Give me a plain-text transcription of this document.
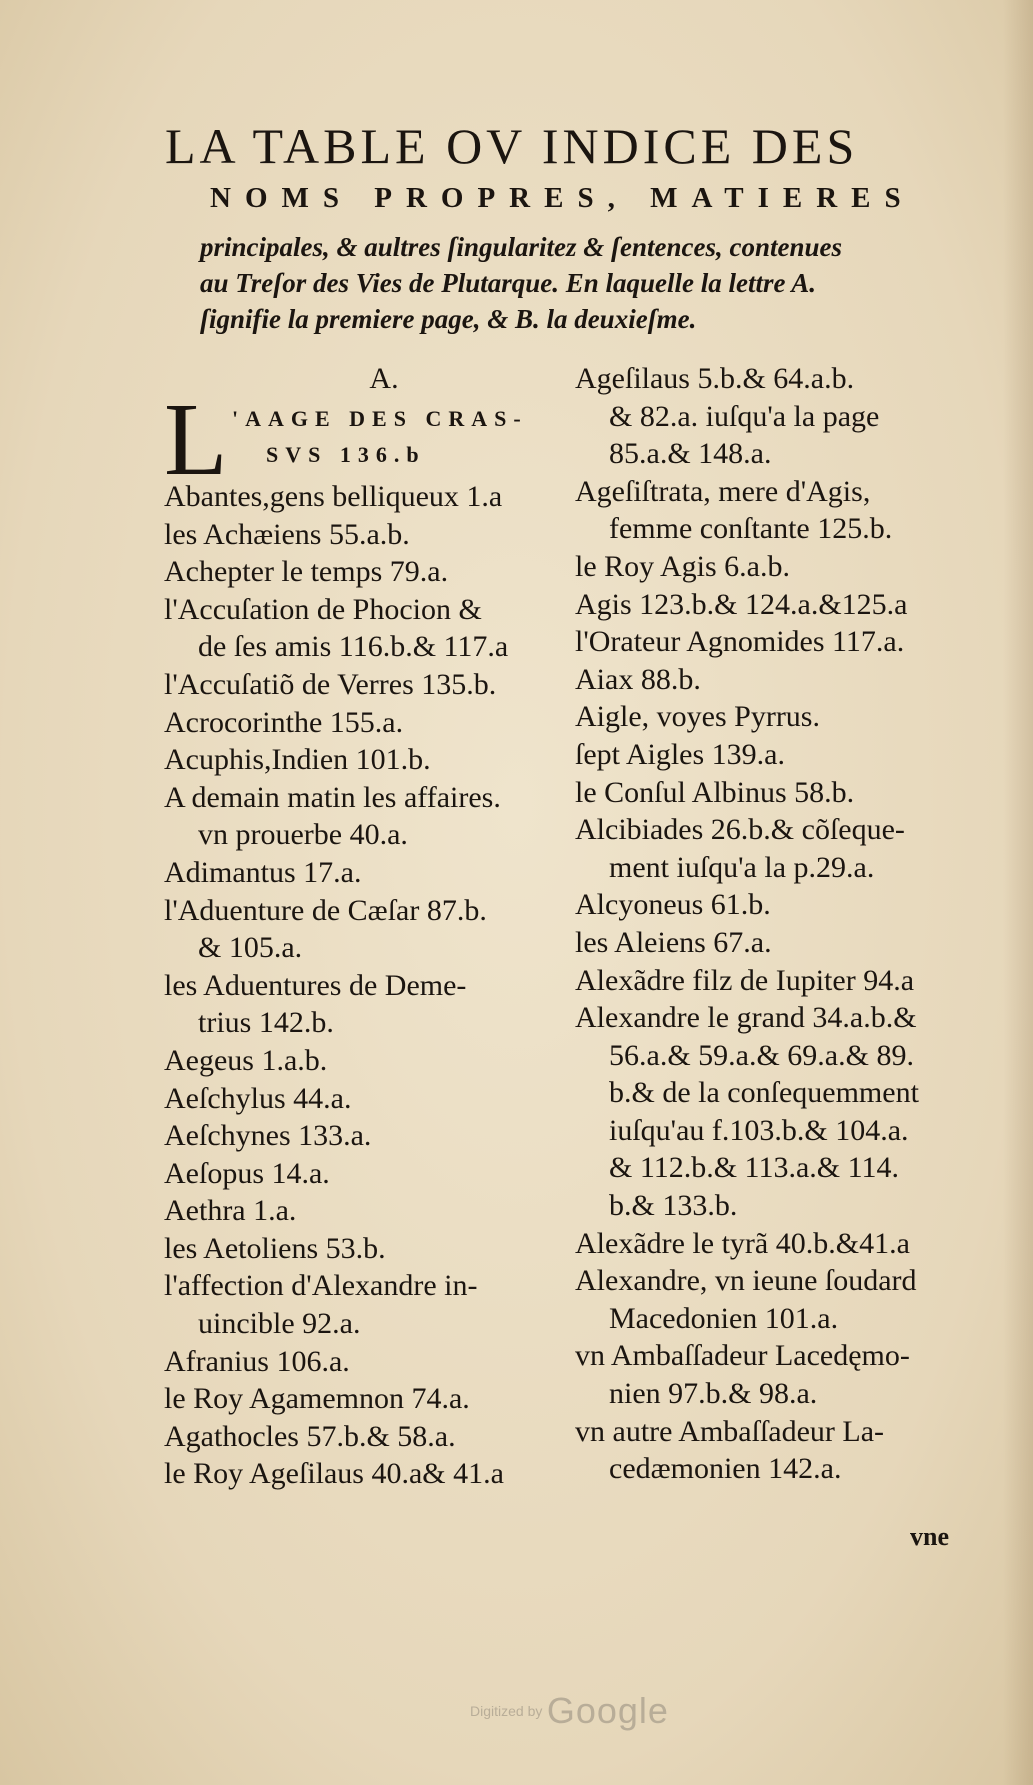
LA TABLE OV INDICE DES
NOMS PROPRES, MATIERES
principales, & aultres ſingularitez & ſentences, contenues
au Treſor des Vies de Plutarque. En laquelle la lettre A.
ſignifie la premiere page, & B. la deuxieſme.
A.
L 'AAGE DES CRAS-
SVS 136.b
Abantes,gens belliqueux 1.a
les Achæiens 55.a.b.
Achepter le temps 79.a.
l'Accuſation de Phocion &
de ſes amis 116.b.& 117.a
l'Accuſatiõ de Verres 135.b.
Acrocorinthe 155.a.
Acuphis,Indien 101.b.
A demain matin les affaires.
vn prouerbe 40.a.
Adimantus 17.a.
l'Aduenture de Cæſar 87.b.
& 105.a.
les Aduentures de Deme-
trius 142.b.
Aegeus 1.a.b.
Aeſchylus 44.a.
Aeſchynes 133.a.
Aeſopus 14.a.
Aethra 1.a.
les Aetoliens 53.b.
l'affection d'Alexandre in-
uincible 92.a.
Afranius 106.a.
le Roy Agamemnon 74.a.
Agathocles 57.b.& 58.a.
le Roy Ageſilaus 40.a& 41.a
Ageſilaus 5.b.& 64.a.b.
& 82.a. iuſqu'a la page
85.a.& 148.a.
Ageſiſtrata, mere d'Agis,
femme conſtante 125.b.
le Roy Agis 6.a.b.
Agis 123.b.& 124.a.&125.a
l'Orateur Agnomides 117.a.
Aiax 88.b.
Aigle, voyes Pyrrus.
ſept Aigles 139.a.
le Conſul Albinus 58.b.
Alcibiades 26.b.& cõſeque-
ment iuſqu'a la p.29.a.
Alcyoneus 61.b.
les Aleiens 67.a.
Alexãdre filz de Iupiter 94.a
Alexandre le grand 34.a.b.&
56.a.& 59.a.& 69.a.& 89.
b.& de la conſequemment
iuſqu'au f.103.b.& 104.a.
& 112.b.& 113.a.& 114.
b.& 133.b.
Alexãdre le tyrã 40.b.&41.a
Alexandre, vn ieune ſoudard
Macedonien 101.a.
vn Ambaſſadeur Lacedęmo-
nien 97.b.& 98.a.
vn autre Ambaſſadeur La-
cedæmonien 142.a.
vne
Digitized by Google
